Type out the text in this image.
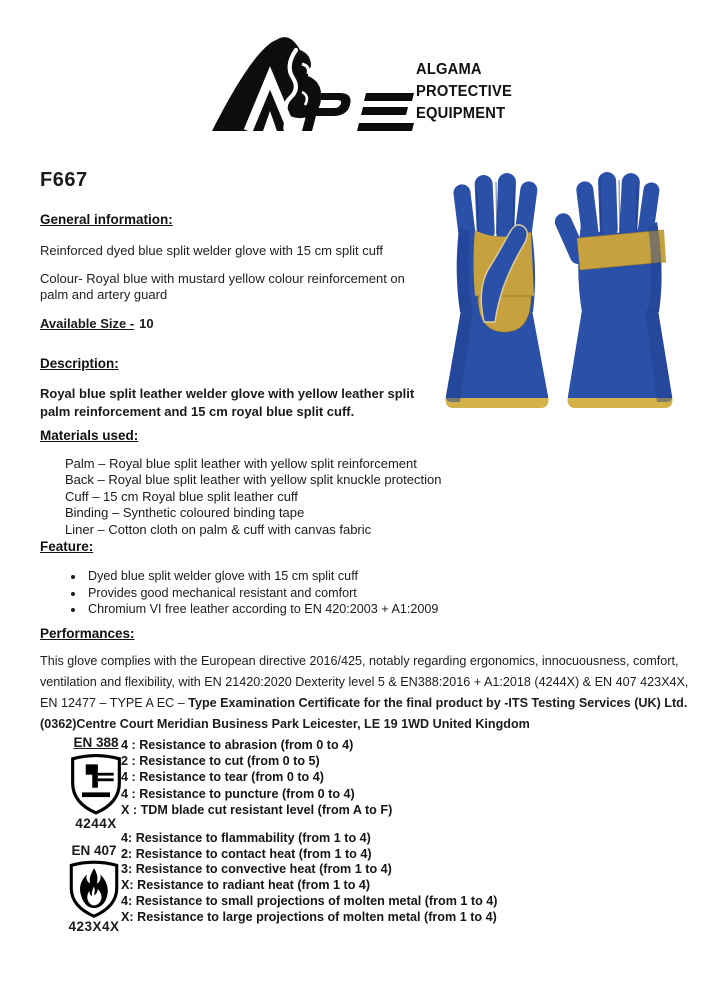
ALGAMA
PROTECTIVE
EQUIPMENT
F667
General information:

Reinforced dyed blue split welder glove with 15 cm split cuff

Colour- Royal blue with mustard yellow colour reinforcement on palm and artery guard

Available Size - 10

Description:

Royal blue split leather welder glove with yellow leather split palm reinforcement and 15 cm royal blue split cuff.

Materials used:
Palm – Royal blue split leather with yellow split reinforcement
Back – Royal blue split leather with yellow split knuckle protection
Cuff – 15 cm Royal blue split leather cuff
Binding – Synthetic coloured binding tape
Liner – Cotton cloth on palm & cuff with canvas fabric
Feature:
• Dyed blue split welder glove with 15 cm split cuff
• Provides good mechanical resistant and comfort
• Chromium VI free leather according to EN 420:2003 + A1:2009
Performances:

This glove complies with the European directive 2016/425, notably regarding ergonomics, innocuousness, comfort, ventilation and flexibility, with EN 21420:2020 Dexterity level 5 & EN388:2016 + A1:2018 (4244X) & EN 407 423X4X, EN 12477 – TYPE A EC – Type Examination Certificate for the final product by -ITS Testing Services (UK) Ltd. (0362)Centre Court Meridian Business Park Leicester, LE 19 1WD United Kingdom

EN 388
4244X
4 : Resistance to abrasion (from 0 to 4)
2 : Resistance to cut (from 0 to 5)
4 : Resistance to tear (from 0 to 4)
4 : Resistance to puncture (from 0 to 4)
X : TDM blade cut resistant level (from A to F)
EN 407
423X4X
4: Resistance to flammability (from 1 to 4)
2: Resistance to contact heat (from 1 to 4)
3: Resistance to convective heat (from 1 to 4)
X: Resistance to radiant heat (from 1 to 4)
4: Resistance to small projections of molten metal (from 1 to 4)
X: Resistance to large projections of molten metal (from 1 to 4)
